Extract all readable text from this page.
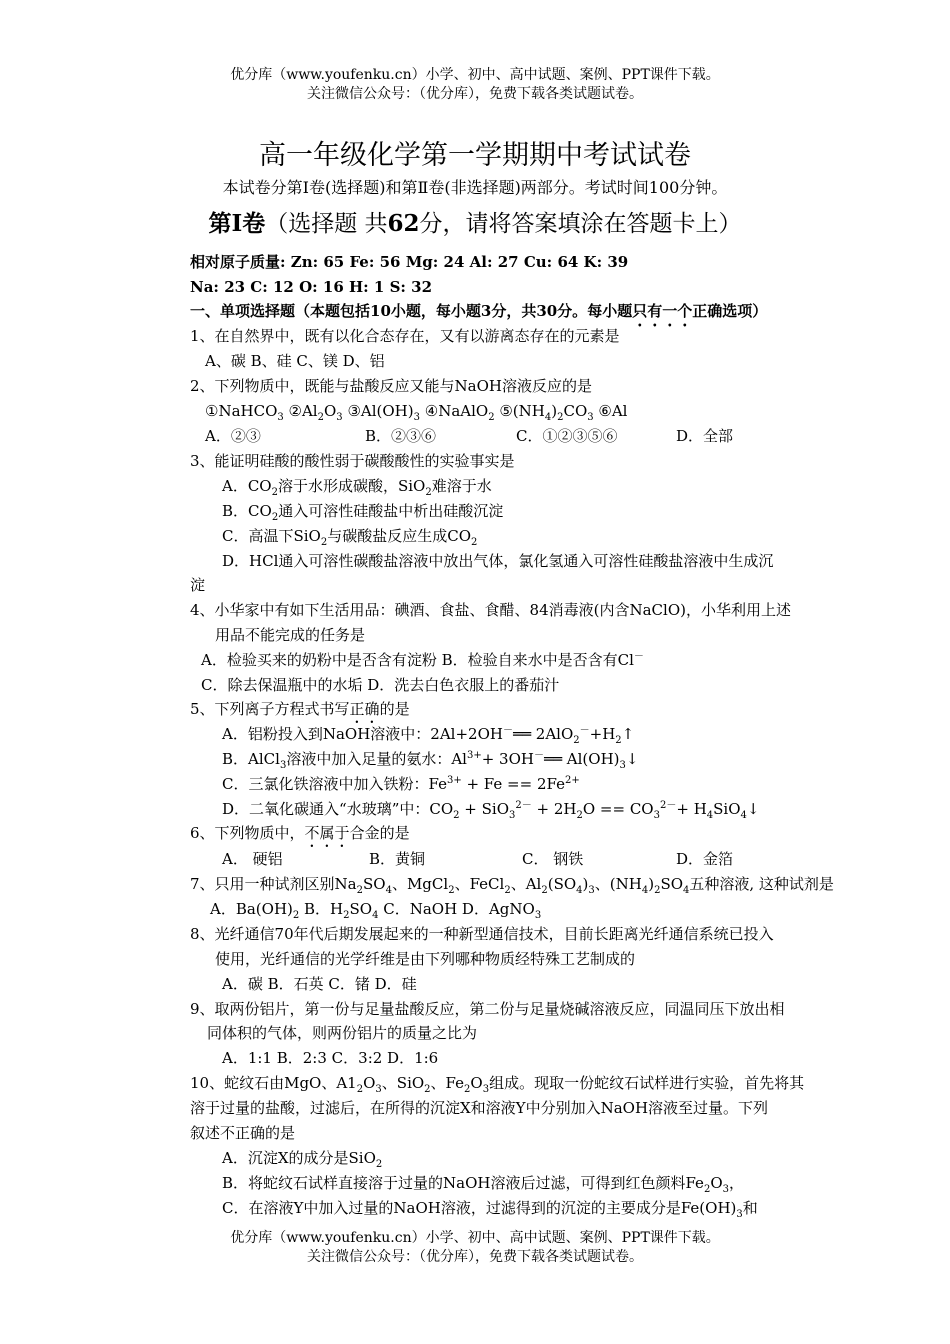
优分库（www.youfenku.cn）小学、初中、高中试题、案例、PPT课件下载。
关注微信公众号：（优分库），免费下载各类试题试卷。
高一年级化学第一学期期中考试试卷
本试卷分第Ⅰ卷(选择题)和第Ⅱ卷(非选择题)两部分。考试时间100分钟。
第Ⅰ卷（选择题 共62分，请将答案填涂在答题卡上）
相对原子质量: Zn: 65 Fe: 56 Mg: 24 Al: 27 Cu: 64 K: 39
Na: 23 C: 12 O: 16 H: 1 S: 32
一、单项选择题（本题包括10小题，每小题3分，共30分。每小题只有一个正确选项）
1、在自然界中，既有以化合态存在，又有以游离态存在的元素是
A、碳 B、硅 C、镁 D、铝
2、下列物质中，既能与盐酸反应又能与NaOH溶液反应的是
①NaHCO$_3$ $②Al_2O_3$ $③Al(OH)_3$ ④NaAlO$_2$ $⑤(NH_4)_2CO_3$ ⑥Al
A．②③	B．②③⑥	C．①②③⑤⑥	D．全部
3、能证明硅酸的酸性弱于碳酸酸性的实验事实是
A．$CO_2$溶于水形成碳酸，SiO$_2$难溶于水
B．$CO_2$通入可溶性硅酸盐中析出硅酸沉淀
C．高温下SiO$_2$与碳酸盐反应生成$CO_2$
D．HCl通入可溶性碳酸盐溶液中放出气体，氯化氢通入可溶性硅酸盐溶液中生成沉
淀
4、小华家中有如下生活用品：碘酒、食盐、食醋、84消毒液(内含NaClO)，小华利用上述
用品不能完成的任务是
A．检验买来的奶粉中是否含有淀粉 B．检验自来水中是否含有Cl－
C．除去保温瓶中的水垢 D．洗去白色衣服上的番茄汁
5、下列离子方程式书写正确的是
A．铝粉投入到NaOH溶液中：2Al+2OH－══ $2AlO_2^-+H_2↑$
B．AlCl$_3$溶液中加入足量的氨水：$Al^{3+}+$ 3OH－══ $Al(OH)_3↓$
C．三氯化铁溶液中加入铁粉：$Fe^{3+} + Fe == 2Fe^{2+}$
D．二氧化碳通入“水玻璃”中：$CO_2 + SiO_3^{2-} + 2H_2O == CO_3^{2-}+$ $H_4SiO_4↓$
6、下列物质中，不属于合金的是
A． 硬铝	B．黄铜	C． 钢铁	D．金箔
7、只用一种试剂区别$Na_2SO_4$、MgCl$_2$、FeCl$_2$、$Al_2(SO_4)_3$、$(NH_4)_2SO_4$五种溶液, 这种试剂是
A．$Ba(OH)_2$ B．$H_2SO_4$ C．NaOH D．AgNO$_3$
8、光纤通信70年代后期发展起来的一种新型通信技术，目前长距离光纤通信系统已投入
使用，光纤通信的光学纤维是由下列哪种物质经特殊工艺制成的
A．碳 B．石英 C．锗 D．硅
9、取两份铝片，第一份与足量盐酸反应，第二份与足量烧碱溶液反应，同温同压下放出相
同体积的气体，则两份铝片的质量之比为
A．1:1 B．2:3 C．3:2 D．1:6
10、蛇纹石由MgO、$A1_2O_3$、SiO$_2$、$Fe_2O_3$组成。现取一份蛇纹石试样进行实验，首先将其
溶于过量的盐酸，过滤后，在所得的沉淀X和溶液Y中分别加入NaOH溶液至过量。下列
叙述不正确的是
A．沉淀X的成分是SiO$_2$
B．将蛇纹石试样直接溶于过量的NaOH溶液后过滤，可得到红色颜料$Fe_2O_3$，
C．在溶液Y中加入过量的NaOH溶液，过滤得到的沉淀的主要成分是$Fe(OH)_3$和
优分库（www.youfenku.cn）小学、初中、高中试题、案例、PPT课件下载。
关注微信公众号：（优分库），免费下载各类试题试卷。
